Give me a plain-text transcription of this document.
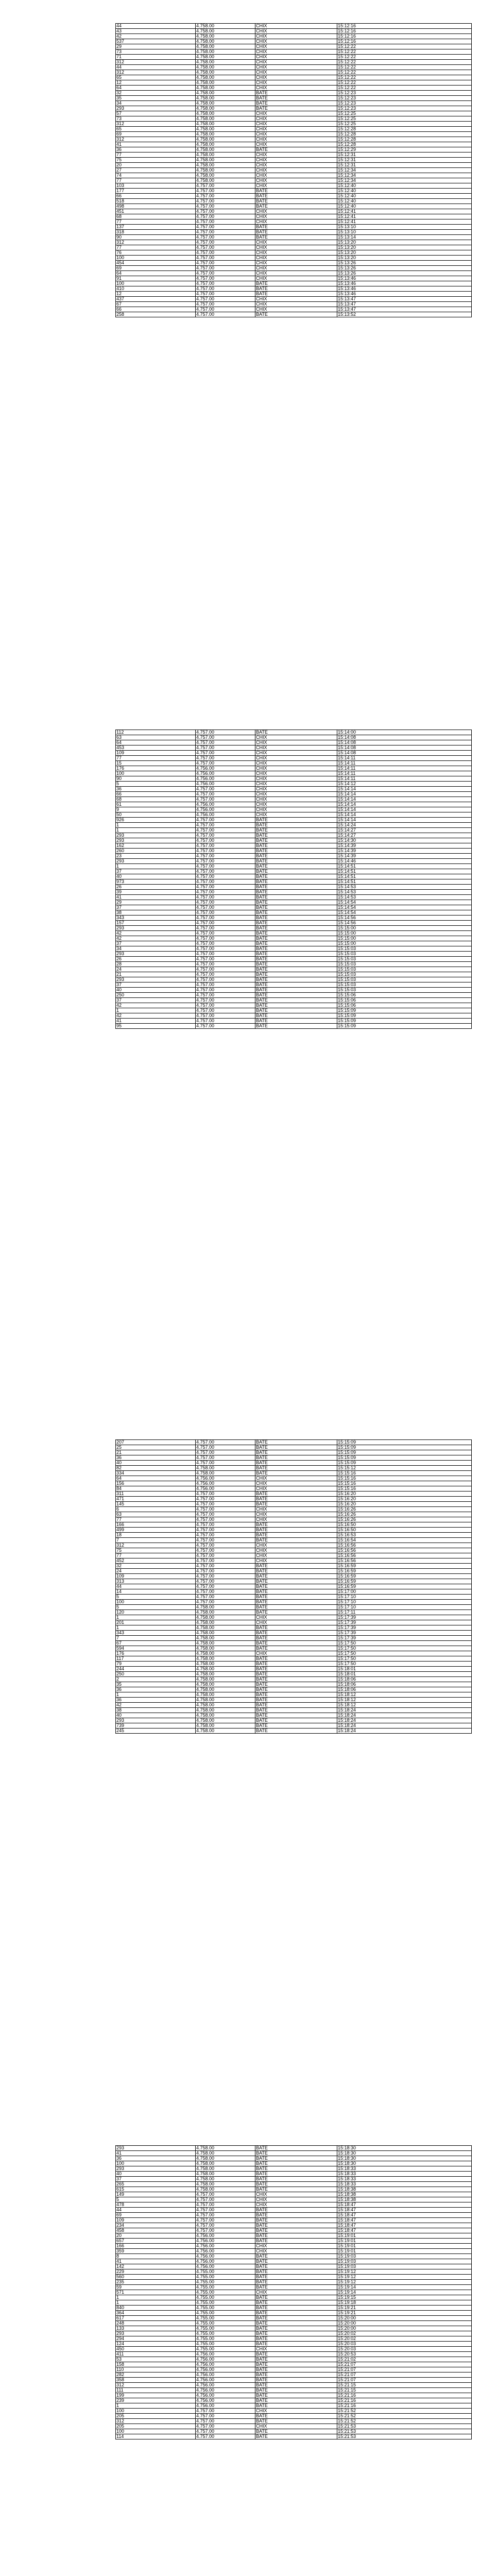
44	4.758.00	CHIX	15:12:16
43	4.758.00	CHIX	15:12:16
42	4.758.00	CHIX	15:12:16
537	4.758.00	CHIX	15:12:16
29	4.758.00	CHIX	15:12:22
73	4.758.00	CHIX	15:12:22
71	4.758.00	CHIX	15:12:22
312	4.758.00	CHIX	15:12:22
44	4.758.00	CHIX	15:12:22
312	4.758.00	CHIX	15:12:22
65	4.758.00	CHIX	15:12:22
12	4.758.00	CHIX	15:12:22
64	4.758.00	CHIX	15:12:22
32	4.758.00	BATE	15:12:23
35	4.758.00	BATE	15:12:23
34	4.758.00	BATE	15:12:23
293	4.758.00	BATE	15:12:23
57	4.758.00	CHIX	15:12:25
73	4.758.00	CHIX	15:12:25
312	4.758.00	CHIX	15:12:25
65	4.758.00	CHIX	15:12:28
69	4.758.00	CHIX	15:12:28
312	4.758.00	CHIX	15:12:28
41	4.758.00	CHIX	15:12:28
36	4.758.00	BATE	15:12:29
77	4.758.00	CHIX	15:12:31
75	4.758.00	CHIX	15:12:31
20	4.758.00	CHIX	15:12:31
27	4.758.00	CHIX	15:12:34
74	4.758.00	CHIX	15:12:34
77	4.758.00	CHIX	15:12:34
103	4.757.00	CHIX	15:12:40
177	4.757.00	BATE	15:12:40
66	4.757.00	BATE	15:12:40
518	4.757.00	BATE	15:12:40
498	4.757.00	BATE	15:12:40
451	4.757.00	CHIX	15:12:41
68	4.757.00	CHIX	15:12:41
77	4.757.00	CHIX	15:12:41
137	4.757.00	BATE	15:13:10
318	4.757.00	BATE	15:13:10
90	4.757.00	BATE	15:13:14
312	4.757.00	CHIX	15:13:20
77	4.757.00	CHIX	15:13:20
76	4.757.00	CHIX	15:13:20
100	4.757.00	CHIX	15:13:20
454	4.757.00	CHIX	15:13:26
69	4.757.00	CHIX	15:13:26
64	4.757.00	CHIX	15:13:26
91	4.757.00	CHIX	15:13:46
100	4.757.00	BATE	15:13:46
410	4.757.00	BATE	15:13:46
12	4.757.00	BATE	15:13:46
437	4.757.00	CHIX	15:13:47
67	4.757.00	CHIX	15:13:47
66	4.757.00	CHIX	15:13:47
258	4.757.00	BATE	15:13:52
112	4.757.00	BATE	15:14:00
63	4.757.00	CHIX	15:14:08
64	4.757.00	CHIX	15:14:08
453	4.757.00	CHIX	15:14:08
109	4.757.00	CHIX	15:14:08
77	4.757.00	CHIX	15:14:11
15	4.757.00	CHIX	15:14:11
176	4.756.00	CHIX	15:14:11
100	4.756.00	CHIX	15:14:11
90	4.756.00	CHIX	15:14:11
5	4.756.00	CHIX	15:14:12
36	4.757.00	CHIX	15:14:14
66	4.757.00	CHIX	15:14:14
68	4.757.00	CHIX	15:14:14
61	4.756.00	CHIX	15:14:14
9	4.756.00	CHIX	15:14:14
50	4.756.00	CHIX	15:14:14
926	4.757.00	BATE	15:14:14
1	4.757.00	BATE	15:14:24
1	4.757.00	BATE	15:14:27
293	4.757.00	BATE	15:14:27
293	4.757.00	BATE	15:14:30
162	4.757.00	BATE	15:14:39
260	4.757.00	BATE	15:14:39
23	4.757.00	BATE	15:14:39
293	4.757.00	BATE	15:14:46
1	4.757.00	BATE	15:14:51
37	4.757.00	BATE	15:14:51
40	4.757.00	BATE	15:14:51
973	4.757.00	BATE	15:14:51
26	4.757.00	BATE	15:14:53
39	4.757.00	BATE	15:14:53
41	4.757.00	BATE	15:14:53
29	4.757.00	BATE	15:14:54
37	4.757.00	BATE	15:14:54
38	4.757.00	BATE	15:14:54
343	4.757.00	BATE	15:14:56
157	4.757.00	BATE	15:14:56
293	4.757.00	BATE	15:15:00
42	4.757.00	BATE	15:15:00
42	4.757.00	BATE	15:15:00
37	4.757.00	BATE	15:15:00
34	4.757.00	BATE	15:15:03
293	4.757.00	BATE	15:15:03
26	4.757.00	BATE	15:15:03
28	4.757.00	BATE	15:15:03
24	4.757.00	BATE	15:15:03
21	4.757.00	BATE	15:15:03
293	4.757.00	BATE	15:15:03
37	4.757.00	BATE	15:15:03
40	4.757.00	BATE	15:15:03
250	4.757.00	BATE	15:15:06
37	4.757.00	BATE	15:15:06
42	4.757.00	BATE	15:15:06
1	4.757.00	BATE	15:15:09
42	4.757.00	BATE	15:15:09
41	4.757.00	BATE	15:15:09
95	4.757.00	BATE	15:15:09
207	4.757.00	BATE	15:15:09
25	4.757.00	BATE	15:15:09
21	4.757.00	BATE	15:15:09
36	4.757.00	BATE	15:15:09
40	4.757.00	BATE	15:15:09
82	4.758.00	BATE	15:15:12
334	4.758.00	BATE	15:15:16
64	4.756.00	CHIX	15:15:16
156	4.756.00	CHIX	15:15:16
84	4.756.00	CHIX	15:15:16
311	4.757.00	BATE	15:16:20
471	4.757.00	BATE	15:16:20
145	4.757.00	BATE	15:16:20
6	4.757.00	CHIX	15:16:26
63	4.757.00	CHIX	15:16:26
77	4.757.00	CHIX	15:16:26
166	4.757.00	BATE	15:16:50
499	4.757.00	BATE	15:16:50
18	4.757.00	BATE	15:16:53
7	4.757.00	BATE	15:16:54
312	4.757.00	CHIX	15:16:56
75	4.757.00	CHIX	15:16:56
77	4.757.00	CHIX	15:16:56
452	4.757.00	CHIX	15:16:56
32	4.757.00	BATE	15:16:59
24	4.757.00	BATE	15:16:59
109	4.757.00	BATE	15:16:59
313	4.757.00	BATE	15:16:59
44	4.757.00	BATE	15:16:59
14	4.757.00	BATE	15:17:00
5	4.757.00	BATE	15:17:10
100	4.757.00	BATE	15:17:10
5	4.758.00	BATE	15:17:10
120	4.758.00	BATE	15:17:11
1	4.758.00	CHIX	15:17:39
201	4.758.00	CHIX	15:17:39
1	4.758.00	BATE	15:17:39
343	4.758.00	BATE	15:17:39
7	4.758.00	BATE	15:17:39
67	4.758.00	BATE	15:17:50
594	4.758.00	BATE	15:17:50
176	4.758.00	CHIX	15:17:50
117	4.758.00	BATE	15:17:50
79	4.758.00	BATE	15:17:50
244	4.758.00	BATE	15:18:01
250	4.758.00	BATE	15:18:01
2	4.758.00	BATE	15:18:06
35	4.758.00	BATE	15:18:06
36	4.758.00	BATE	15:18:06
1	4.758.00	BATE	15:18:12
36	4.758.00	BATE	15:18:12
42	4.758.00	BATE	15:18:12
38	4.758.00	BATE	15:18:24
40	4.758.00	BATE	15:18:24
293	4.758.00	BATE	15:18:24
739	4.758.00	BATE	15:18:24
245	4.758.00	BATE	15:18:24
293	4.758.00	BATE	15:18:30
41	4.758.00	BATE	15:18:30
36	4.758.00	BATE	15:18:30
100	4.758.00	BATE	15:18:30
293	4.758.00	BATE	15:18:33
40	4.758.00	BATE	15:18:33
37	4.758.00	BATE	15:18:33
265	4.758.00	BATE	15:18:33
615	4.758.00	BATE	15:18:38
149	4.757.00	CHIX	15:18:38
5	4.757.00	CHIX	15:18:38
478	4.757.00	CHIX	15:18:47
44	4.757.00	BATE	15:18:47
69	4.757.00	BATE	15:18:47
109	4.757.00	BATE	15:18:47
234	4.757.00	BATE	15:18:47
458	4.757.00	BATE	15:18:47
20	4.756.00	BATE	15:19:01
657	4.756.00	BATE	15:19:01
166	4.756.00	CHIX	15:19:01
359	4.756.00	CHIX	15:19:01
8	4.756.00	BATE	15:19:03
41	4.756.00	BATE	15:19:03
142	4.756.00	BATE	15:19:03
229	4.755.00	BATE	15:19:12
560	4.755.00	BATE	15:19:12
235	4.755.00	BATE	15:19:12
59	4.755.00	BATE	15:19:14
571	4.755.00	CHIX	15:19:14
1	4.755.00	BATE	15:19:15
1	4.755.00	BATE	15:19:18
840	4.755.00	BATE	15:19:21
364	4.755.00	BATE	15:19:21
617	4.755.00	BATE	15:20:00
248	4.755.00	BATE	15:20:00
133	4.755.00	BATE	15:20:00
293	4.755.00	BATE	15:20:02
294	4.755.00	BATE	15:20:02
124	4.755.00	BATE	15:20:03
450	4.755.00	CHIX	15:20:03
411	4.756.00	BATE	15:20:53
53	4.756.00	BATE	15:21:02
158	4.756.00	BATE	15:21:07
110	4.756.00	BATE	15:21:07
282	4.756.00	BATE	15:21:07
358	4.756.00	BATE	15:21:07
312	4.756.00	BATE	15:21:15
111	4.756.00	BATE	15:21:15
199	4.756.00	BATE	15:21:16
239	4.756.00	BATE	15:21:16
1	4.756.00	BATE	15:21:16
100	4.757.00	CHIX	15:21:52
205	4.757.00	BATE	15:21:52
312	4.757.00	BATE	15:21:52
205	4.757.00	CHIX	15:21:53
100	4.757.00	BATE	15:21:53
114	4.757.00	BATE	15:21:53
